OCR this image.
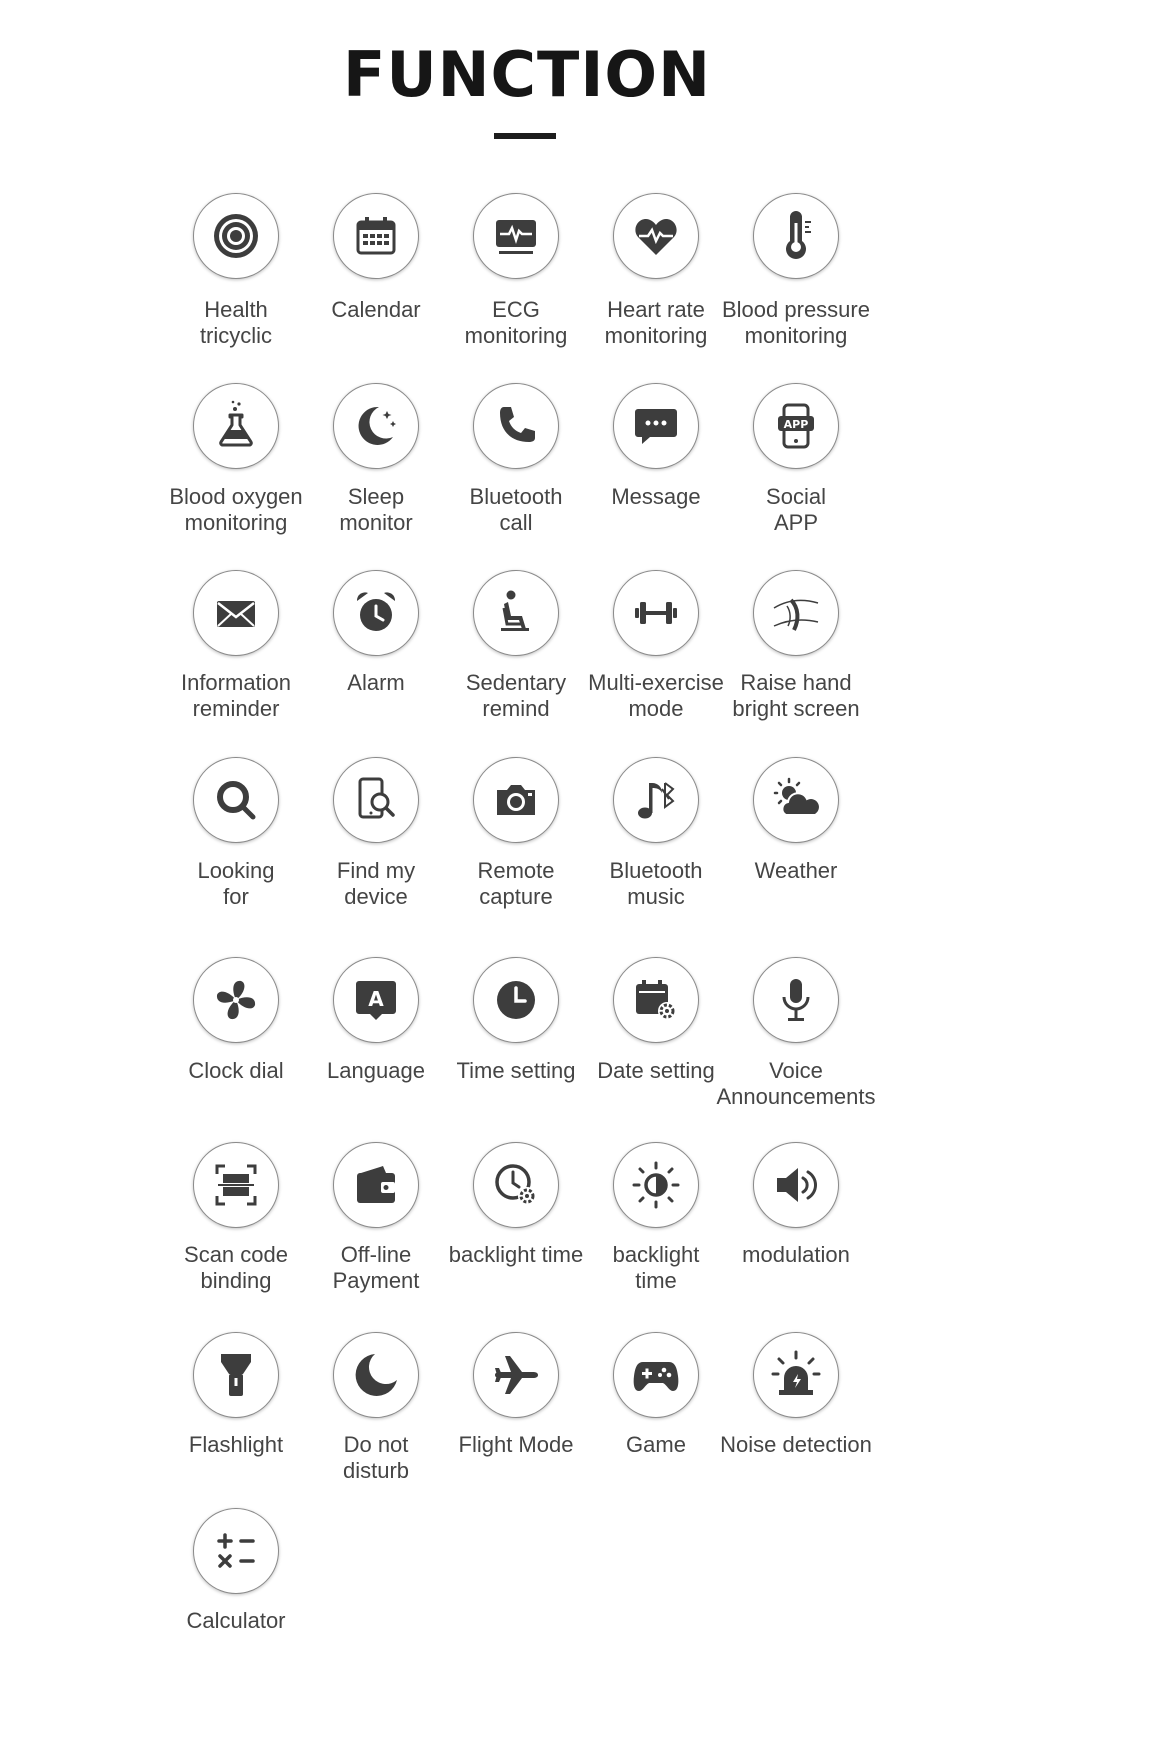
FUNCTION
Health
tricyclic
Calendar	ECG
monitoring
Heart rate
monitoring
Blood pressure
monitoring
Blood oxygen
monitoring
Sleep
monitor
Bluetooth
call
Message
APP
Social
APP
Information
reminder
Alarm	Sedentary
remind
Multi-exercise
mode
Raise hand
bright screen
Looking
for
Find my
device
Remote
capture
Bluetooth
music
Weather
Clock dial
A
Language	Time setting Date setting	Voice
Announcements
Scan code
binding
Off-line
Payment
backlight time	backlight
time
modulation
Flashlight	Do not
disturb
Flight Mode	Game	Noise detection
Calculator
